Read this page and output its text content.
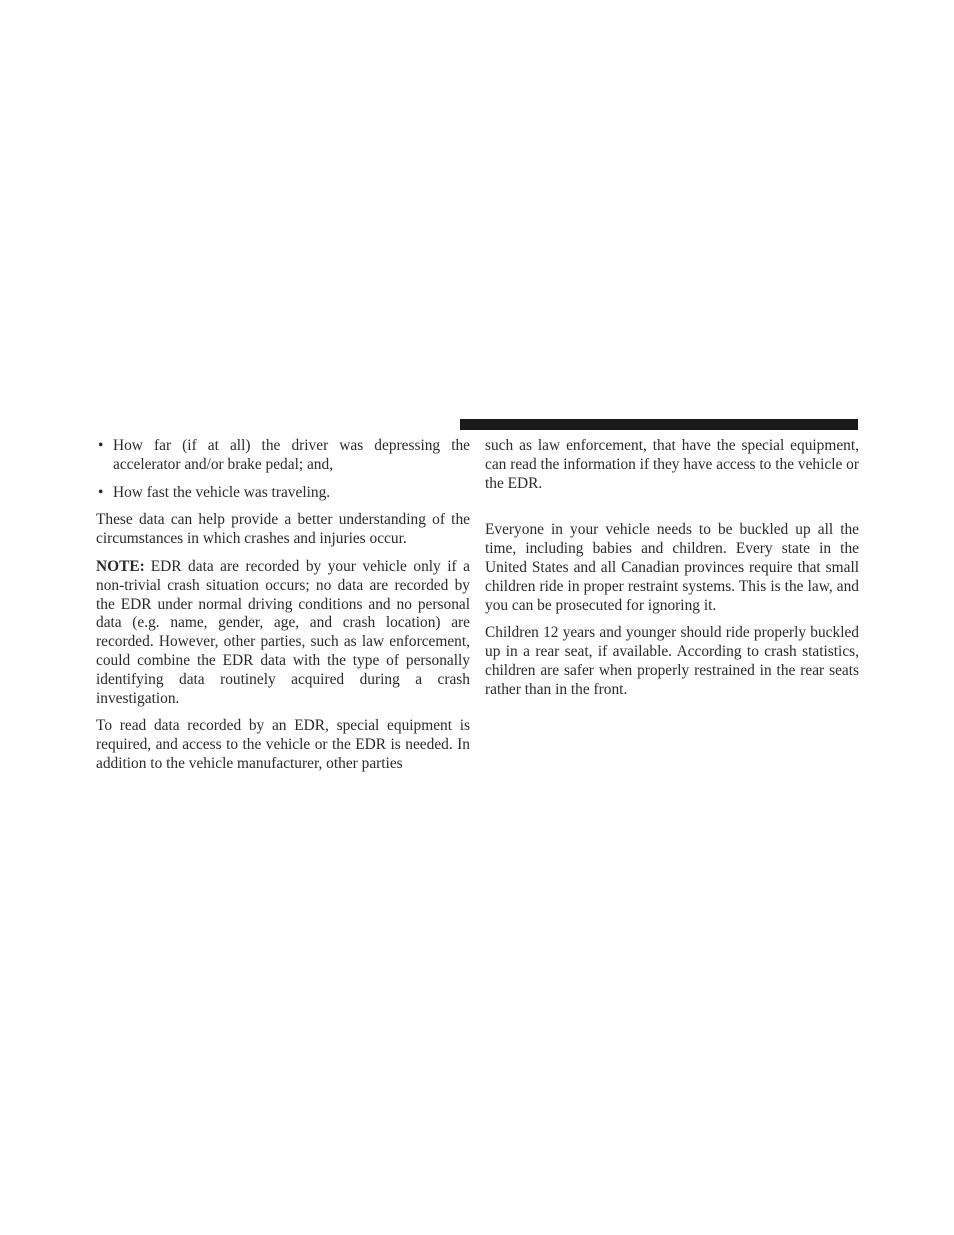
• How far (if at all) the driver was depressing the accelerator and/or brake pedal; and,
• How fast the vehicle was traveling.

These data can help provide a better understanding of the circumstances in which crashes and injuries occur.

NOTE: EDR data are recorded by your vehicle only if a non-trivial crash situation occurs; no data are recorded by the EDR under normal driving conditions and no personal data (e.g. name, gender, age, and crash location) are recorded. However, other parties, such as law enforcement, could combine the EDR data with the type of personally identifying data routinely acquired during a crash investigation.

To read data recorded by an EDR, special equipment is required, and access to the vehicle or the EDR is needed. In addition to the vehicle manufacturer, other parties

such as law enforcement, that have the special equipment, can read the information if they have access to the vehicle or the EDR.

Everyone in your vehicle needs to be buckled up all the time, including babies and children. Every state in the United States and all Canadian provinces require that small children ride in proper restraint systems. This is the law, and you can be prosecuted for ignoring it.

Children 12 years and younger should ride properly buckled up in a rear seat, if available. According to crash statistics, children are safer when properly restrained in the rear seats rather than in the front.
